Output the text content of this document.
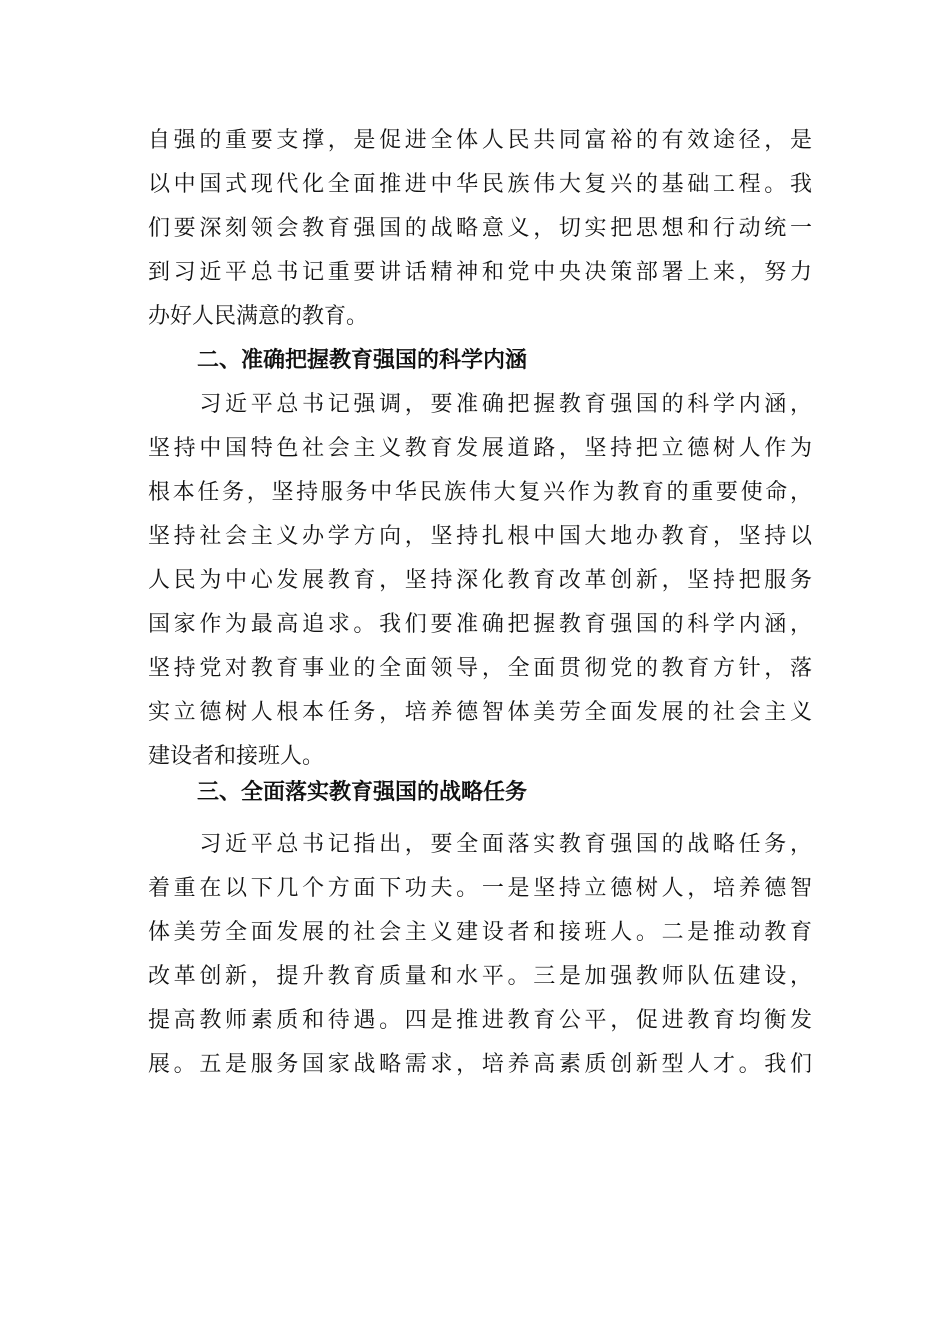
自强的重要支撑，是促进全体人民共同富裕的有效途径，是
以中国式现代化全面推进中华民族伟大复兴的基础工程。我
们要深刻领会教育强国的战略意义，切实把思想和行动统一
到习近平总书记重要讲话精神和党中央决策部署上来，努力
办好人民满意的教育。
二、准确把握教育强国的科学内涵
　　习近平总书记强调，要准确把握教育强国的科学内涵，
坚持中国特色社会主义教育发展道路，坚持把立德树人作为
根本任务，坚持服务中华民族伟大复兴作为教育的重要使命，
坚持社会主义办学方向，坚持扎根中国大地办教育，坚持以
人民为中心发展教育，坚持深化教育改革创新，坚持把服务
国家作为最高追求。我们要准确把握教育强国的科学内涵，
坚持党对教育事业的全面领导，全面贯彻党的教育方针，落
实立德树人根本任务，培养德智体美劳全面发展的社会主义
建设者和接班人。
三、全面落实教育强国的战略任务
　　习近平总书记指出，要全面落实教育强国的战略任务，
着重在以下几个方面下功夫。一是坚持立德树人，培养德智
体美劳全面发展的社会主义建设者和接班人。二是推动教育
改革创新，提升教育质量和水平。三是加强教师队伍建设，
提高教师素质和待遇。四是推进教育公平，促进教育均衡发
展。五是服务国家战略需求，培养高素质创新型人才。我们
